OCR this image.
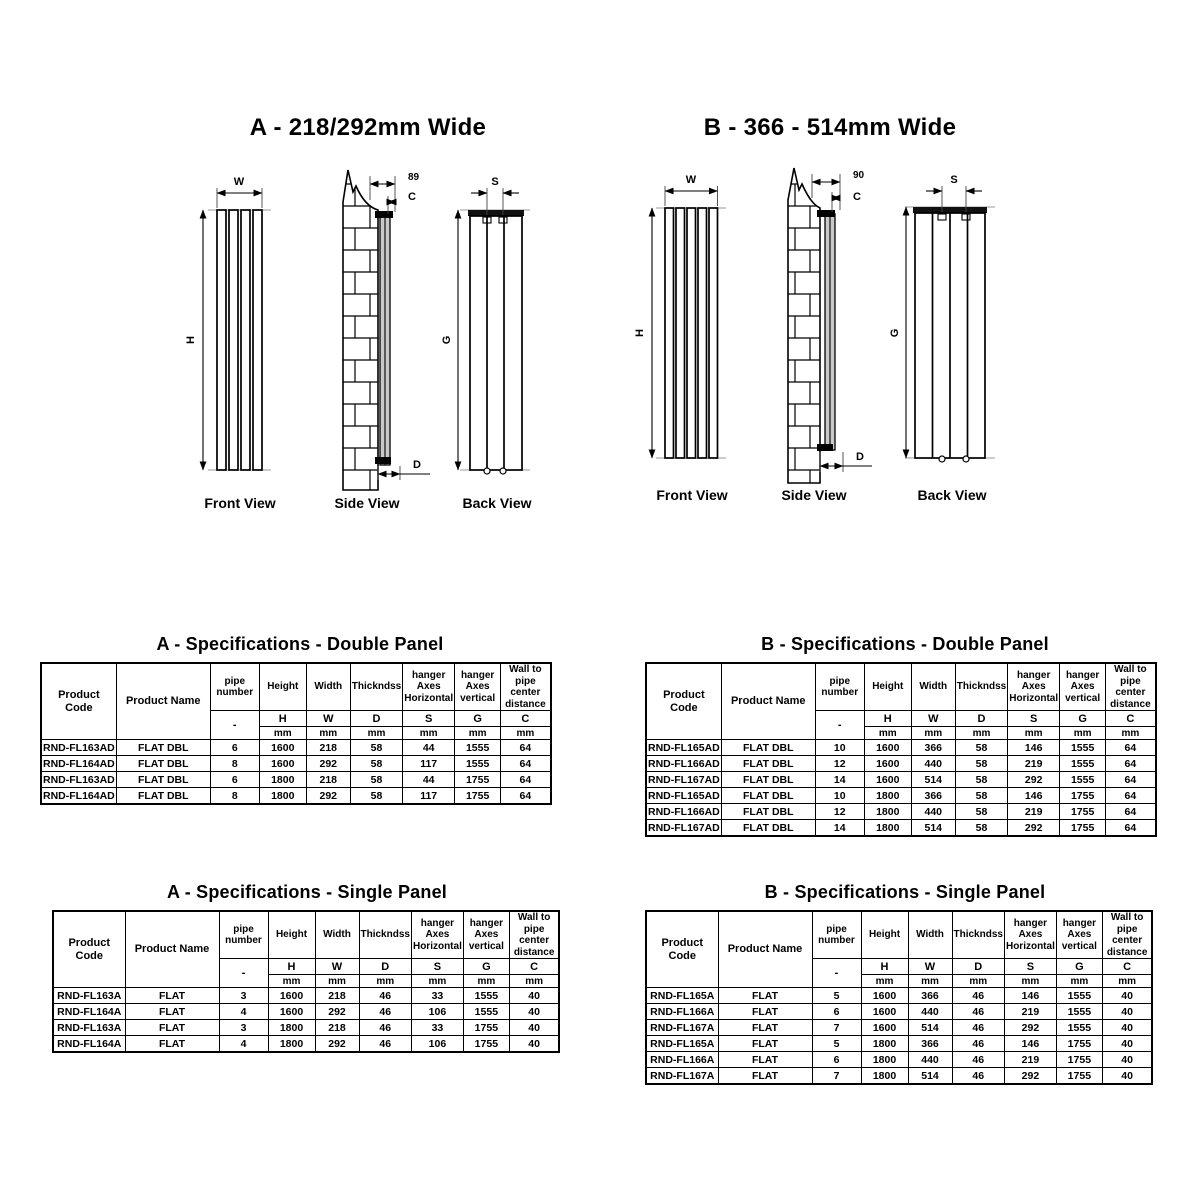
A - 218/292mm Wide	B - 366 - 514mm Wide
W
H
Front View
89
C
D
Side View
S
G
Back View
W
H
Front View
90
C
D
Side View
S
G
Back View
A - Specifications - Double Panel
Product Code	Product Name	pipe number	Height	Width	Thickndss	hanger Axes Horizontal	hanger Axes vertical	Wall to pipe center distance
		-	H	W	D	S	G	C
			mm	mm	mm	mm	mm	mm
RND-FL163AD	FLAT DBL	6	1600	218	58	44	1555	64
RND-FL164AD	FLAT DBL	8	1600	292	58	117	1555	64
RND-FL163AD	FLAT DBL	6	1800	218	58	44	1755	64
RND-FL164AD	FLAT DBL	8	1800	292	58	117	1755	64
B - Specifications - Double Panel
Product Code	Product Name	pipe number	Height	Width	Thickndss	hanger Axes Horizontal	hanger Axes vertical	Wall to pipe center distance
		-	H	W	D	S	G	C
			mm	mm	mm	mm	mm	mm
RND-FL165AD	FLAT DBL	10	1600	366	58	146	1555	64
RND-FL166AD	FLAT DBL	12	1600	440	58	219	1555	64
RND-FL167AD	FLAT DBL	14	1600	514	58	292	1555	64
RND-FL165AD	FLAT DBL	10	1800	366	58	146	1755	64
RND-FL166AD	FLAT DBL	12	1800	440	58	219	1755	64
RND-FL167AD	FLAT DBL	14	1800	514	58	292	1755	64
A - Specifications - Single Panel
Product Code	Product Name	pipe number	Height	Width	Thickndss	hanger Axes Horizontal	hanger Axes vertical	Wall to pipe center distance
		-	H	W	D	S	G	C
			mm	mm	mm	mm	mm	mm
RND-FL163A	FLAT	3	1600	218	46	33	1555	40
RND-FL164A	FLAT	4	1600	292	46	106	1555	40
RND-FL163A	FLAT	3	1800	218	46	33	1755	40
RND-FL164A	FLAT	4	1800	292	46	106	1755	40
B - Specifications - Single Panel
Product Code	Product Name	pipe number	Height	Width	Thickndss	hanger Axes Horizontal	hanger Axes vertical	Wall to pipe center distance
		-	H	W	D	S	G	C
			mm	mm	mm	mm	mm	mm
RND-FL165A	FLAT	5	1600	366	46	146	1555	40
RND-FL166A	FLAT	6	1600	440	46	219	1555	40
RND-FL167A	FLAT	7	1600	514	46	292	1555	40
RND-FL165A	FLAT	5	1800	366	46	146	1755	40
RND-FL166A	FLAT	6	1800	440	46	219	1755	40
RND-FL167A	FLAT	7	1800	514	46	292	1755	40
